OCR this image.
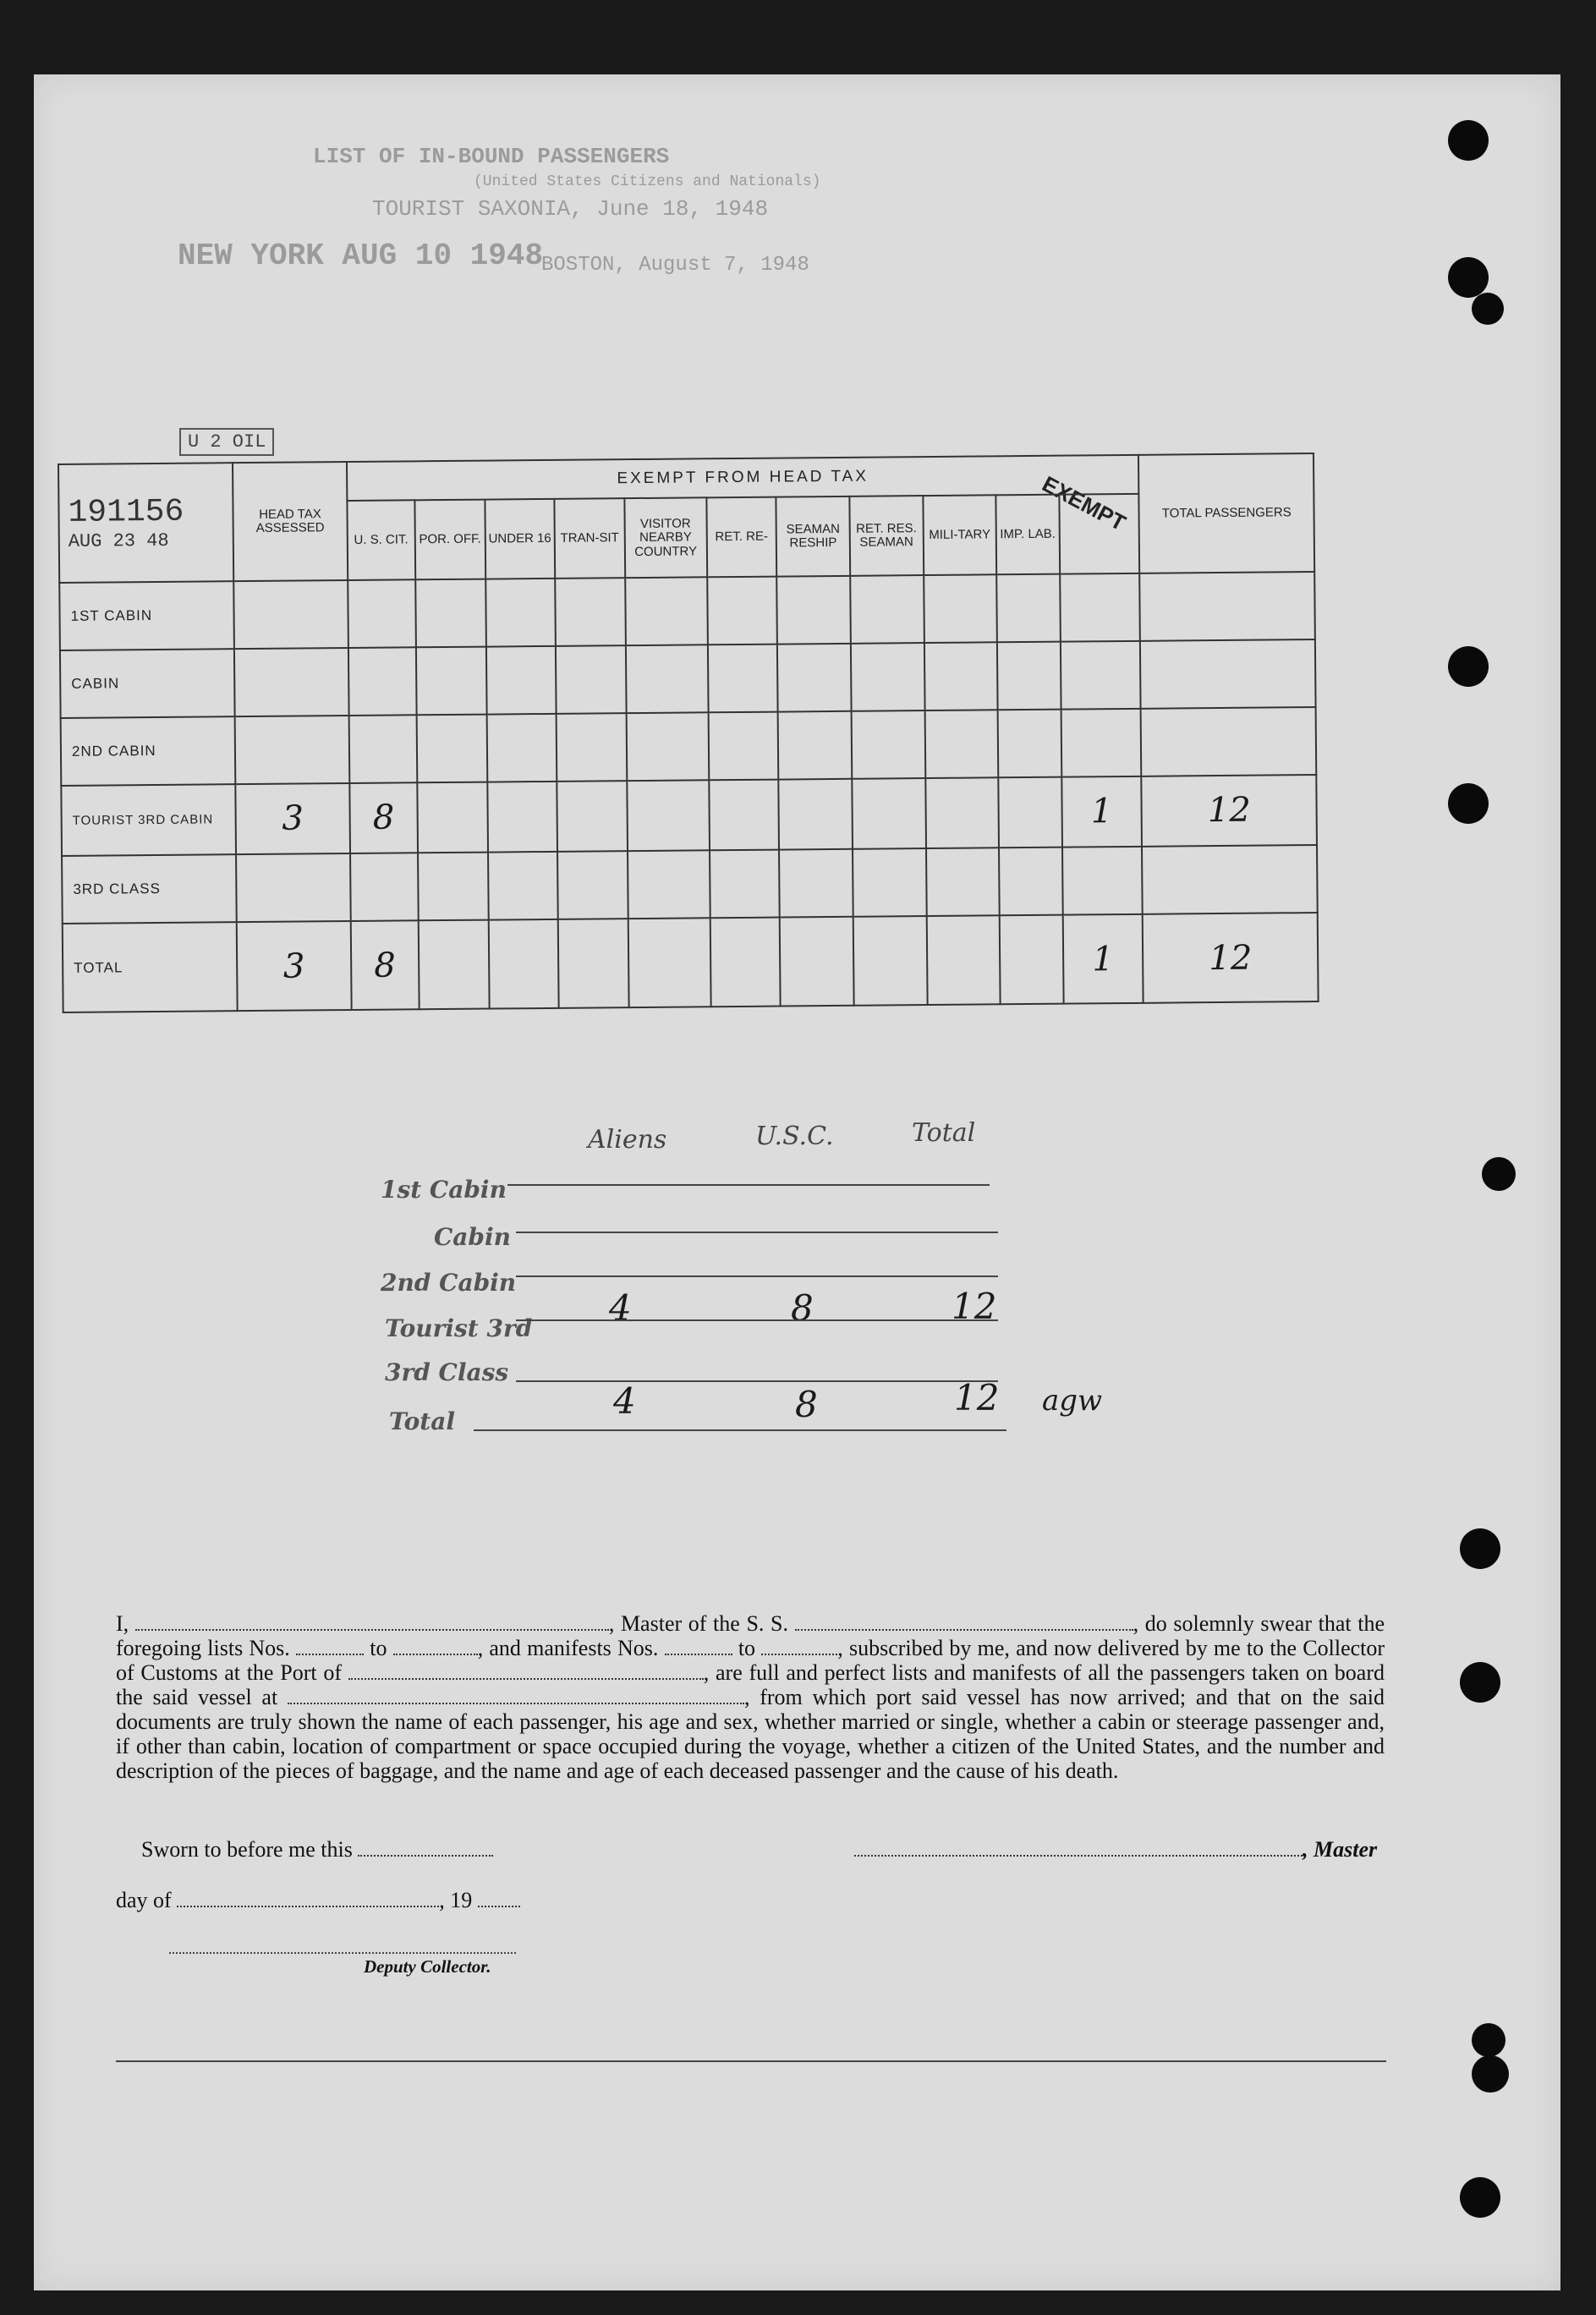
LIST OF IN-BOUND PASSENGERS
(United States Citizens and Nationals)
TOURIST SAXONIA, June 18, 1948
NEW YORK AUG 10 1948
BOSTON, August 7, 1948
U 2 OIL
EXEMPT
191156
AUG 23 48	HEAD TAX ASSESSED	EXEMPT FROM HEAD TAX											TOTAL PASSENGERS
		U. S. CIT.	POR. OFF.	UNDER 16	TRAN-SIT	VISITOR NEARBY COUNTRY	RET. RE-	SEAMAN RESHIP	RET. RES. SEAMAN	MILI-TARY	IMP. LAB.		
1ST CABIN													
CABIN													
2ND CABIN													
TOURIST 3RD CABIN	3	8										1	12
3RD CLASS													
TOTAL	3	8										1	12
Aliens	U.S.C.	Total
1st Cabin
Cabin
2nd Cabin
Tourist 3rd 4	8	12
3rd Class
Total	4	8	12 agw

I,	, Master of the S. S.	, do solemnly swear that the foregoing lists Nos.	to	, and manifests Nos.	to	, subscribed by me, and now delivered by me to the Collector of Customs at the Port of	, are full and perfect lists and manifests of all the passengers taken on board the said vessel at	, from which port said vessel has now arrived; and that on the said documents are truly shown the name of each passenger, his age and sex, whether married or single, whether a cabin or steerage passenger and, if other than cabin, location of compartment or space occupied during the voyage, whether a citizen of the United States, and the number and description of the pieces of baggage, and the name and age of each deceased passenger and the cause of his death.

Sworn to before me this	, Master
day of	, 19
Deputy Collector.
